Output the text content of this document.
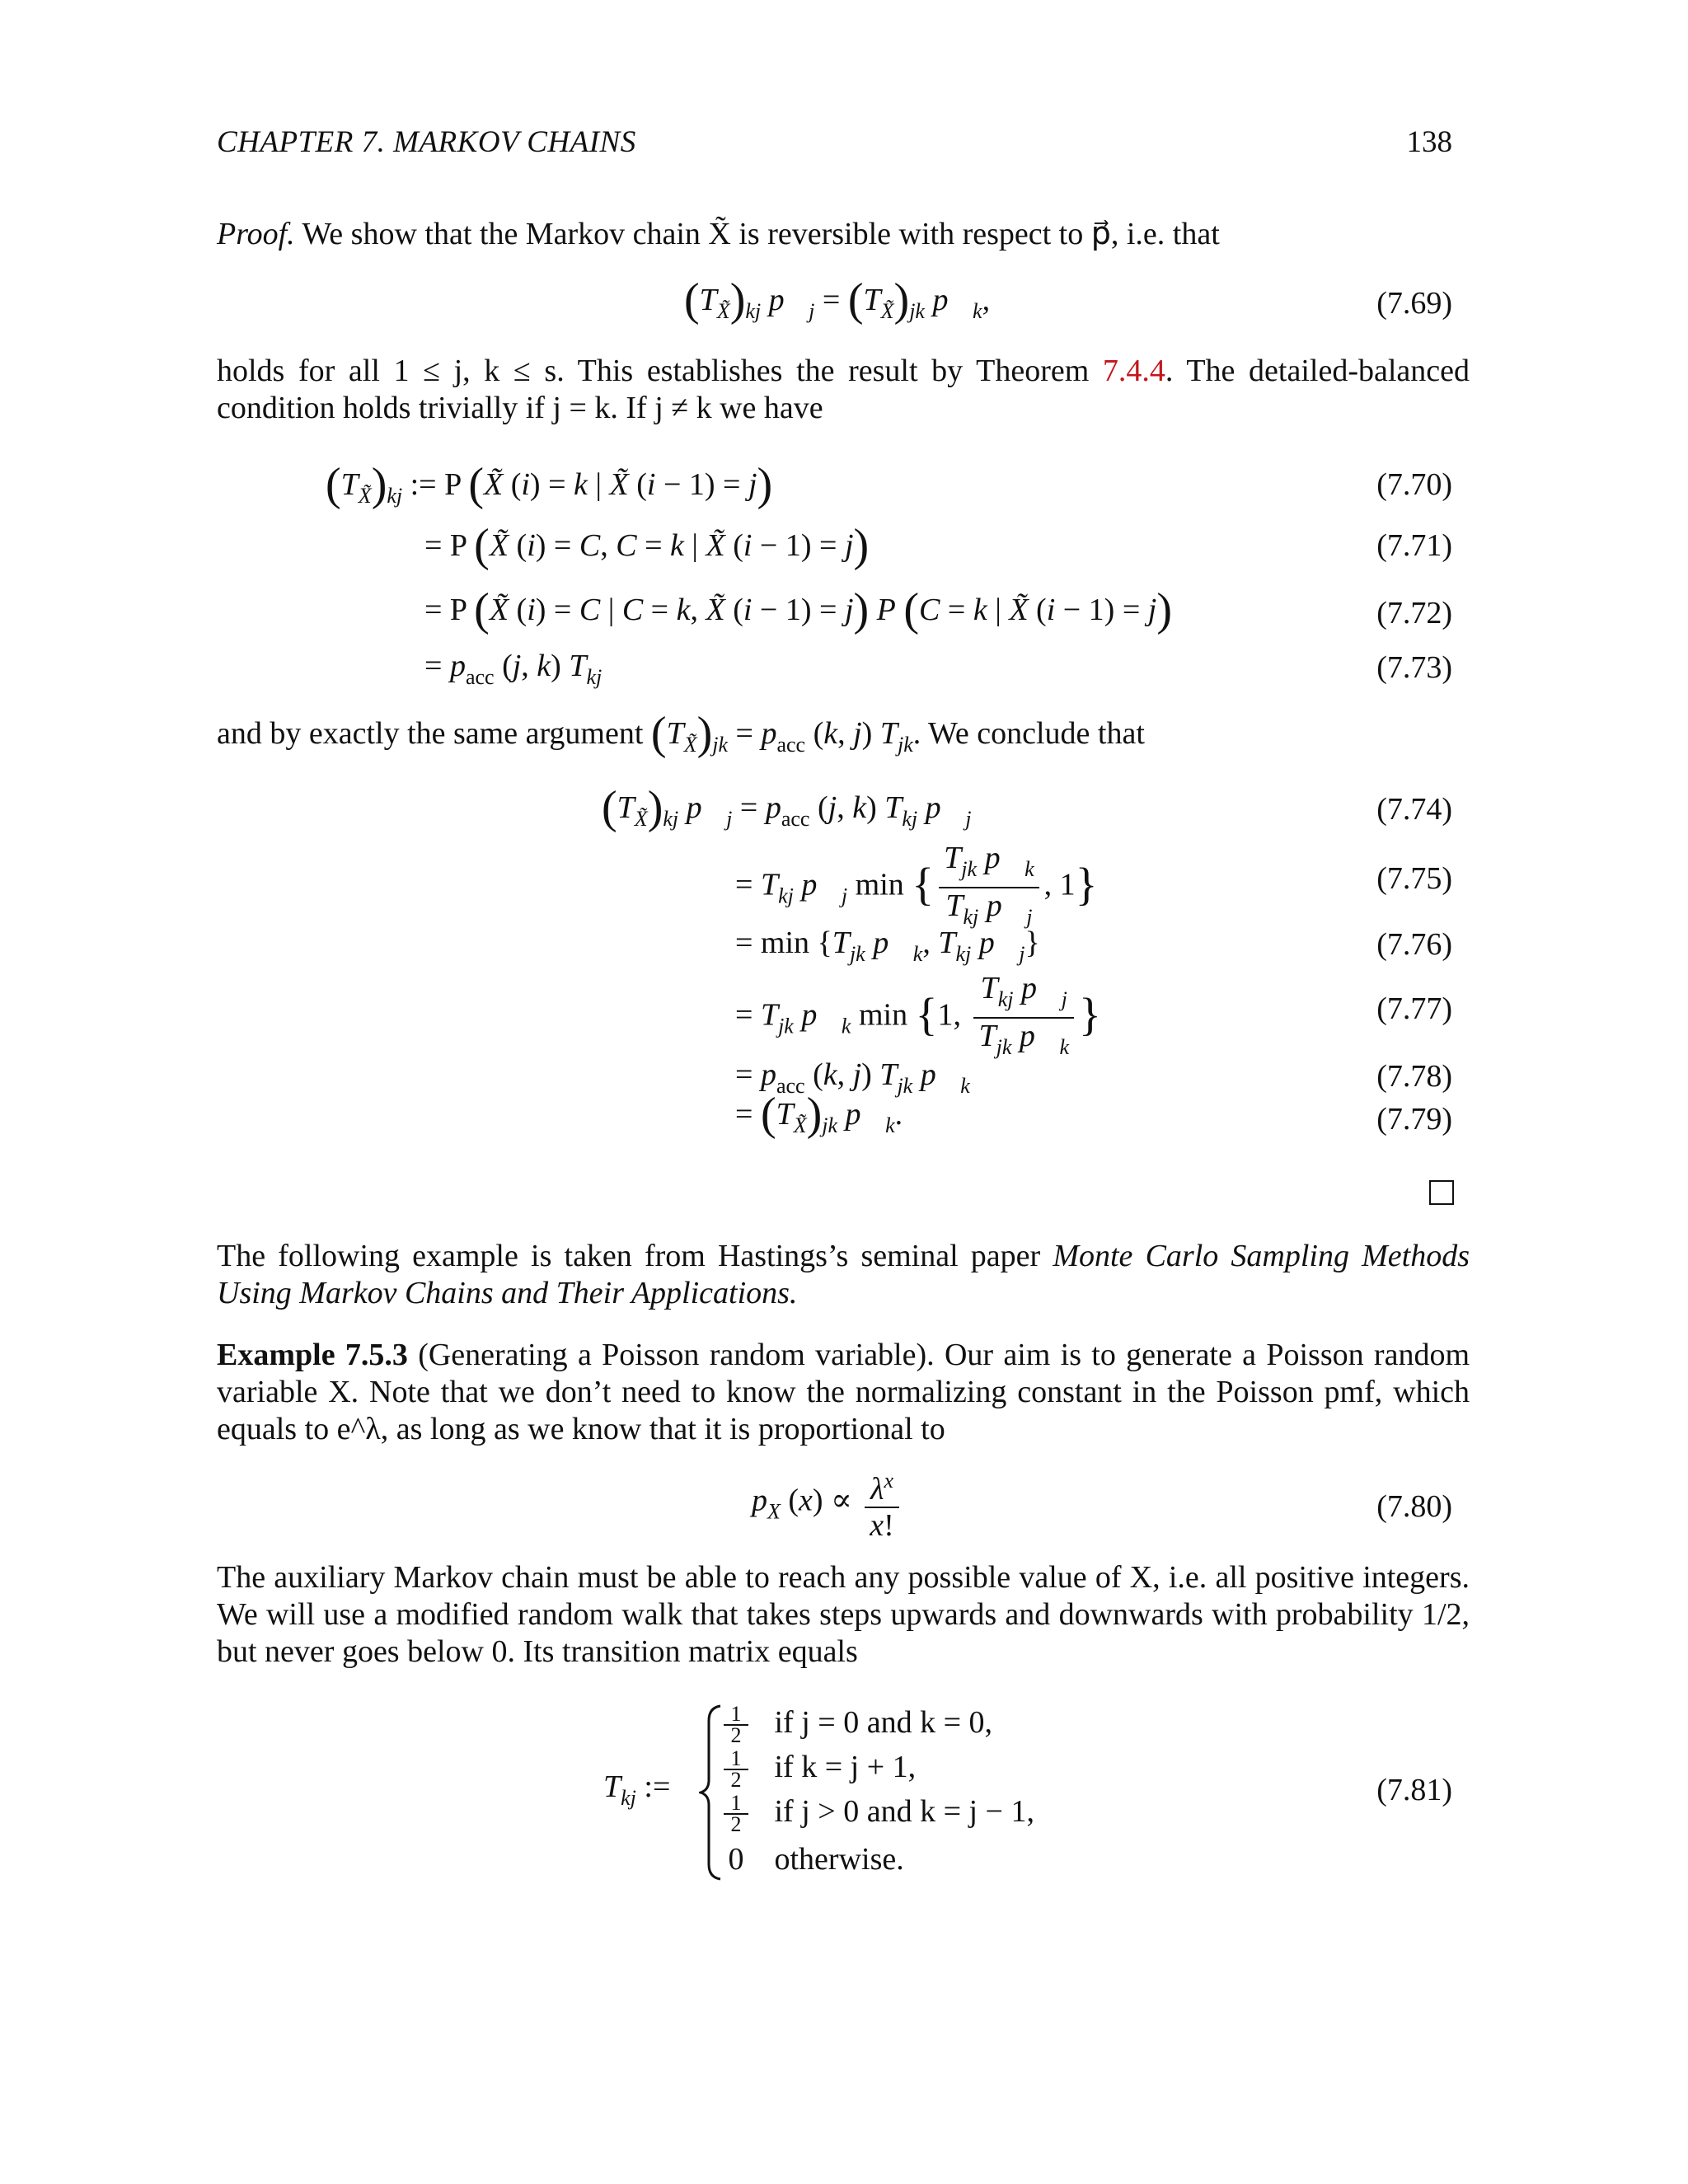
CHAPTER 7. MARKOV CHAINS	138
Proof. We show that the Markov chain X̃ is reversible with respect to p⃗, i.e. that
$(T_{X̃})_{kj}$ $p⃗_j = (T_{X̃})_{jk}$ $p⃗_k$,	(7.69)
holds for all 1 ≤ j, k ≤ s. This establishes the result by Theorem 7.4.4. The detailed-balanced condition holds trivially if j = k. If j ≠ k we have
$(T_{X̃})_{kj}$ := P (X̃ (i) = k | X̃ (i − 1) = j)	(7.70)
= P (X̃ (i) = C, C = k | X̃ (i − 1) = j)	(7.71)
= P (X̃ (i) = C | C = k, X̃ (i − 1) = j) P (C = k | X̃ (i − 1) = j)	(7.72)
= $p_{acc}$ (j, k) $T_{kj}$	(7.73)
and by exactly the same argument $(T_{X̃})_{jk} = p_{acc}$ (k, j) $T_{jk}$. We conclude that
$(T_{X̃})_{kj}$ $p⃗_j = p_{acc}$ (j, k) $T_{kj}$ $p⃗_j$	(7.74)
= $T_{kj}$ $p⃗_j$ min { $\frac{T_{jk} p⃗_k}{T_{kj} p⃗_j}$ , 1}	(7.75)
= $\min \{T_{jk}$ $p⃗_k$, $T_{kj}$ $p⃗_j$}	(7.76)
= $T_{jk}$ $p⃗_k$ min {1, $\frac{T_{kj} p⃗_j}{T_{jk} p⃗_k}$ }	(7.77)
= $p_{acc}$ (k, j) $T_{jk}$ $p⃗_k$	(7.78)
= $(T_{X̃})_{jk}$ $p⃗_k$.	(7.79)
The following example is taken from Hastings’s seminal paper Monte Carlo Sampling Methods Using Markov Chains and Their Applications.
Example 7.5.3 (Generating a Poisson random variable). Our aim is to generate a Poisson random variable X. Note that we don’t need to know the normalizing constant in the Poisson pmf, which equals to e^λ, as long as we know that it is proportional to
$p_X$ $(x) \propto \frac{\lambda^x}{x!}$	(7.80)
The auxiliary Markov chain must be able to reach any possible value of X, i.e. all positive integers. We will use a modified random walk that takes steps upwards and downwards with probability 1/2, but never goes below 0. Its transition matrix equals
$T_{kj}$ :=
$\frac{1}{2}$ if j = 0 and k = 0,
$\frac{1}{2}$ if k = j + 1,
$\frac{1}{2}$ if j > 0 and k = j − 1,
0 otherwise.
(7.81)
